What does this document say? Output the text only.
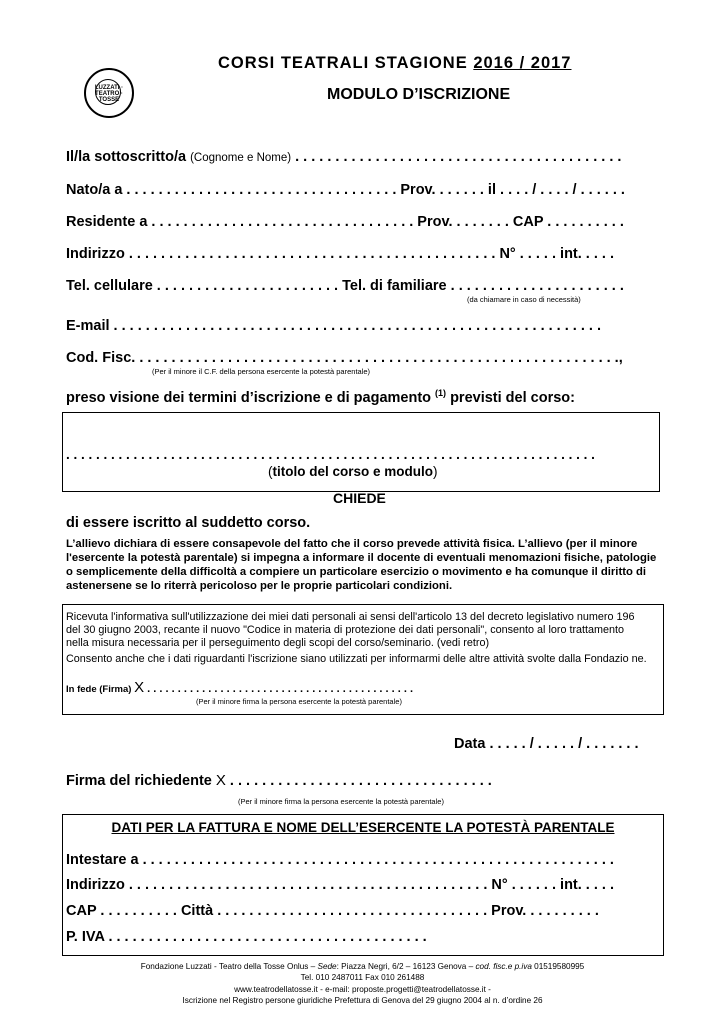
LUZZATI · TEATRO · TOSSE
CORSI TEATRALI STAGIONE 2016 / 2017
MODULO D’ISCRIZIONE
Il/la sottoscritto/a (Cognome e Nome) . . . . . . . . . . . . . . . . . . . . . . . . . . . . . . . . . . . . . . . . .
Nato/a a . . . . . . . . . . . . . . . . . . . . . . . . . . . . . . . . . . Prov. . . . . . . il . . . . / . . . . / . . . . . .
Residente a . . . . . . . . . . . . . . . . . . . . . . . . . . . . . . . . . Prov. . . . . . . . CAP . . . . . . . . . .
Indirizzo . . . . . . . . . . . . . . . . . . . . . . . . . . . . . . . . . . . . . . . . . . . . . . N° . . . . . int. . . . .
Tel. cellulare . . . . . . . . . . . . . . . . . . . . . . . Tel. di familiare . . . . . . . . . . . . . . . . . . . . . .
(da chiamare in caso di necessità)
E-mail . . . . . . . . . . . . . . . . . . . . . . . . . . . . . . . . . . . . . . . . . . . . . . . . . . . . . . . . . . . . .
Cod. Fisc. . . . . . . . . . . . . . . . . . . . . . . . . . . . . . . . . . . . . . . . . . . . . . . . . . . . . . . . . . . . .,
(Per il minore il C.F. della persona esercente la potestà parentale)
preso visione dei termini d’iscrizione e di pagamento $^{(1)}$ previsti del corso:
. . . . . . . . . . . . . . . . . . . . . . . . . . . . . . . . . . . . . . . . . . . . . . . . . . . . . . . . . . . . . . . . . . . . . . .
(titolo del corso e modulo)
CHIEDE
di essere iscritto al suddetto corso.
L’allievo dichiara di essere consapevole del fatto che il corso prevede attività fisica. L’allievo (per il minore l'esercente la potestà parentale) si impegna a informare il docente di eventuali menomazioni fisiche, patologie o semplicemente della difficoltà a compiere un particolare esercizio o movimento e ha comunque il diritto di astenersene se lo riterrà pericoloso per le proprie particolari condizioni.
Ricevuta l'informativa sull'utilizzazione dei miei dati personali ai sensi dell'articolo 13 del decreto legislativo numero 196
del 30 giugno 2003, recante il nuovo "Codice in materia di protezione dei dati personali", consento al loro trattamento
nella misura necessaria per il perseguimento degli scopi del corso/seminario. (vedi retro)
Consento anche che i dati riguardanti l'iscrizione siano utilizzati per informarmi delle altre attività svolte dalla Fondazio ne.
In fede (Firma) X . . . . . . . . . . . . . . . . . . . . . . . . . . . . . . . . . . . . . . . . . . . .
(Per il minore firma la persona esercente la potestà parentale)
Data . . . . . / . . . . . / . . . . . . .
Firma del richiedente X . . . . . . . . . . . . . . . . . . . . . . . . . . . . . . . . .
(Per il minore firma la persona esercente la potestà parentale)
DATI PER LA FATTURA E NOME DELL’ESERCENTE LA POTESTÀ PARENTALE
Intestare a . . . . . . . . . . . . . . . . . . . . . . . . . . . . . . . . . . . . . . . . . . . . . . . . . . . . . . . . . . .
Indirizzo . . . . . . . . . . . . . . . . . . . . . . . . . . . . . . . . . . . . . . . . . . . . . N° . . . . . . int. . . . .
CAP . . . . . . . . . . Città . . . . . . . . . . . . . . . . . . . . . . . . . . . . . . . . . . Prov. . . . . . . . . .
P. IVA . . . . . . . . . . . . . . . . . . . . . . . . . . . . . . . . . . . . . . . .
Fondazione Luzzati - Teatro della Tosse Onlus – Sede: Piazza Negri, 6/2 – 16123 Genova – cod. fisc.e p.iva 01519580995
Tel. 010 2487011 Fax 010 261488
www.teatrodellatosse.it - e-mail: proposte.progetti@teatrodellatosse.it -
Iscrizione nel Registro persone giuridiche Prefettura di Genova del 29 giugno 2004 al n. d’ordine 26
